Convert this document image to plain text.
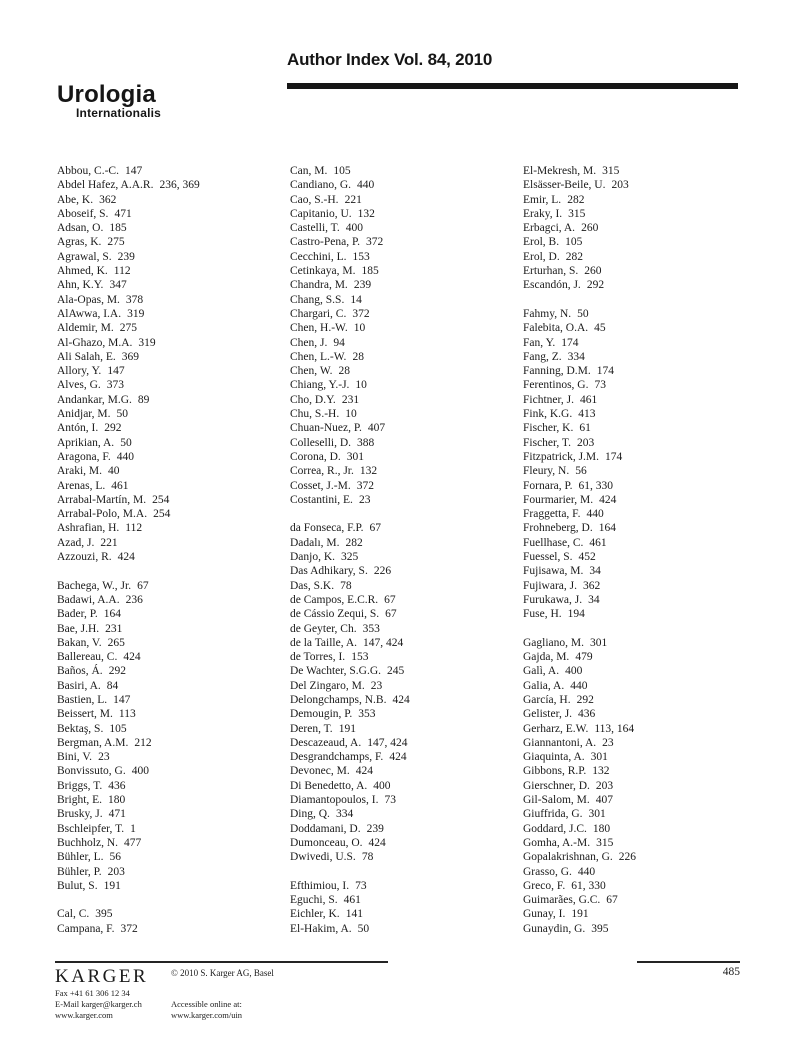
Author Index Vol. 84, 2010
Urologia
Internationalis
Abbou, C.-C. 147
Abdel Hafez, A.A.R. 236, 369
Abe, K. 362
Aboseif, S. 471
Adsan, O. 185
Agras, K. 275
Agrawal, S. 239
Ahmed, K. 112
Ahn, K.Y. 347
Ala-Opas, M. 378
AlAwwa, I.A. 319
Aldemir, M. 275
Al-Ghazo, M.A. 319
Ali Salah, E. 369
Allory, Y. 147
Alves, G. 373
Andankar, M.G. 89
Anidjar, M. 50
Antón, I. 292
Aprikian, A. 50
Aragona, F. 440
Araki, M. 40
Arenas, L. 461
Arrabal-Martín, M. 254
Arrabal-Polo, M.A. 254
Ashrafian, H. 112
Azad, J. 221
Azzouzi, R. 424
Bachega, W., Jr. 67
Badawi, A.A. 236
Bader, P. 164
Bae, J.H. 231
Bakan, V. 265
Ballereau, C. 424
Baños, Á. 292
Basiri, A. 84
Bastien, L. 147
Beissert, M. 113
Bektaş, S. 105
Bergman, A.M. 212
Bini, V. 23
Bonvissuto, G. 400
Briggs, T. 436
Bright, E. 180
Brusky, J. 471
Bschleipfer, T. 1
Buchholz, N. 477
Bühler, L. 56
Bühler, P. 203
Bulut, S. 191
Cal, C. 395
Campana, F. 372
Can, M. 105
Candiano, G. 440
Cao, S.-H. 221
Capitanio, U. 132
Castelli, T. 400
Castro-Pena, P. 372
Cecchini, L. 153
Cetinkaya, M. 185
Chandra, M. 239
Chang, S.S. 14
Chargari, C. 372
Chen, H.-W. 10
Chen, J. 94
Chen, L.-W. 28
Chen, W. 28
Chiang, Y.-J. 10
Cho, D.Y. 231
Chu, S.-H. 10
Chuan-Nuez, P. 407
Colleselli, D. 388
Corona, D. 301
Correa, R., Jr. 132
Cosset, J.-M. 372
Costantini, E. 23
da Fonseca, F.P. 67
Dadalı, M. 282
Danjo, K. 325
Das Adhikary, S. 226
Das, S.K. 78
de Campos, E.C.R. 67
de Cássio Zequi, S. 67
de Geyter, Ch. 353
de la Taille, A. 147, 424
de Torres, I. 153
De Wachter, S.G.G. 245
Del Zingaro, M. 23
Delongchamps, N.B. 424
Demougin, P. 353
Deren, T. 191
Descazeaud, A. 147, 424
Desgrandchamps, F. 424
Devonec, M. 424
Di Benedetto, A. 400
Diamantopoulos, I. 73
Ding, Q. 334
Doddamani, D. 239
Dumonceau, O. 424
Dwivedi, U.S. 78
Efthimiou, I. 73
Eguchi, S. 461
Eichler, K. 141
El-Hakim, A. 50
El-Mekresh, M. 315
Elsässer-Beile, U. 203
Emir, L. 282
Eraky, I. 315
Erbagci, A. 260
Erol, B. 105
Erol, D. 282
Erturhan, S. 260
Escandón, J. 292
Fahmy, N. 50
Falebita, O.A. 45
Fan, Y. 174
Fang, Z. 334
Fanning, D.M. 174
Ferentinos, G. 73
Fichtner, J. 461
Fink, K.G. 413
Fischer, K. 61
Fischer, T. 203
Fitzpatrick, J.M. 174
Fleury, N. 56
Fornara, P. 61, 330
Fourmarier, M. 424
Fraggetta, F. 440
Frohneberg, D. 164
Fuellhase, C. 461
Fuessel, S. 452
Fujisawa, M. 34
Fujiwara, J. 362
Furukawa, J. 34
Fuse, H. 194
Gagliano, M. 301
Gajda, M. 479
Galì, A. 400
Galia, A. 440
García, H. 292
Gelister, J. 436
Gerharz, E.W. 113, 164
Giannantoni, A. 23
Giaquinta, A. 301
Gibbons, R.P. 132
Gierschner, D. 203
Gil-Salom, M. 407
Giuffrida, G. 301
Goddard, J.C. 180
Gomha, A.-M. 315
Gopalakrishnan, G. 226
Grasso, G. 440
Greco, F. 61, 330
Guimarães, G.C. 67
Gunay, I. 191
Gunaydin, G. 395
KARGER	© 2010 S. Karger AG, Basel
Fax +41 61 306 12 34
E-Mail karger@karger.ch
www.karger.com
Accessible online at:
www.karger.com/uin
485
